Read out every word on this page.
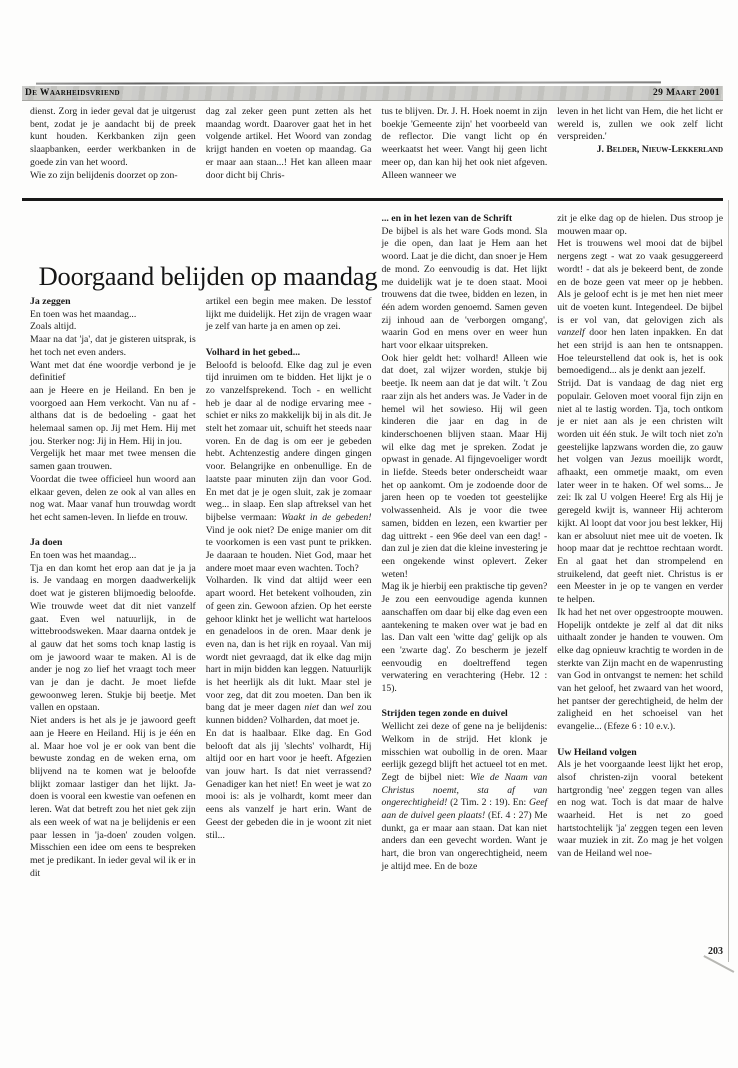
De Waarheidsvriend	29 Maart 2001

dienst. Zorg in ieder geval dat je uitgerust bent, zodat je je aandacht bij de preek kunt houden. Kerkbanken zijn geen slaapbanken, eerder werkbanken in de goede zin van het woord.

Wie zo zijn belijdenis doorzet op zon-

dag zal zeker geen punt zetten als het maandag wordt. Daarover gaat het in het volgende artikel. Het Woord van zondag krijgt handen en voeten op maandag. Ga er maar aan staan...! Het kan alleen maar door dicht bij Chris-

tus te blijven. Dr. J. H. Hoek noemt in zijn boekje 'Gemeente zijn' het voorbeeld van de reflector. Die vangt licht op én weerkaatst het weer. Vangt hij geen licht meer op, dan kan hij het ook niet afgeven. Alleen wanneer we

leven in het licht van Hem, die het licht er wereld is, zullen we ook zelf licht verspreiden.'

J. Belder, Nieuw-Lekkerland

Doorgaand belijden op maandag
Ja zeggen

En toen was het maandag...

Zoals altijd.

Maar na dat 'ja', dat je gisteren uitsprak, is het toch net even anders.

Want met dat éne woordje verbond je je definitief

aan je Heere en je Heiland. En ben je voorgoed aan Hem verkocht. Van nu af - althans dat is de bedoeling - gaat het helemaal samen op. Jij met Hem. Hij met jou. Sterker nog: Jij in Hem. Hij in jou.

Vergelijk het maar met twee mensen die samen gaan trouwen.

Voordat die twee officieel hun woord aan elkaar geven, delen ze ook al van alles en nog wat. Maar vanaf hun trouwdag wordt het echt samen-leven. In liefde en trouw.

Ja doen

En toen was het maandag...

Tja en dan komt het erop aan dat je ja ja is. Je vandaag en morgen daadwerkelijk doet wat je gisteren blijmoedig beloofde. Wie trouwde weet dat dit niet vanzelf gaat. Even wel natuurlijk, in de wittebroodsweken. Maar daarna ontdek je al gauw dat het soms toch knap lastig is om je jawoord waar te maken. Al is de ander je nog zo lief het vraagt toch meer van je dan je dacht. Je moet liefde gewoonweg leren. Stukje bij beetje. Met vallen en opstaan.

Niet anders is het als je je jawoord geeft aan je Heere en Heiland. Hij is je één en al. Maar hoe vol je er ook van bent die bewuste zondag en de weken erna, om blijvend na te komen wat je beloofde blijkt zomaar lastiger dan het lijkt. Ja-doen is vooral een kwestie van oefenen en leren. Wat dat betreft zou het niet gek zijn als een week of wat na je belijdenis er een paar lessen in 'ja-doen' zouden volgen. Misschien een idee om eens te bespreken met je predikant. In ieder geval wil ik er in dit

artikel een begin mee maken. De lesstof lijkt me duidelijk. Het zijn de vragen waar je zelf van harte ja en amen op zei.

Volhard in het gebed...

Beloofd is beloofd. Elke dag zul je even tijd inruimen om te bidden. Het lijkt je o zo vanzelfsprekend. Toch - en wellicht heb je daar al de nodige ervaring mee - schiet er niks zo makkelijk bij in als dit. Je stelt het zomaar uit, schuift het steeds naar voren. En de dag is om eer je gebeden hebt. Achtenzestig andere dingen gingen voor. Belangrijke en onbenullige. En de laatste paar minuten zijn dan voor God. En met dat je je ogen sluit, zak je zomaar weg... in slaap. Een slap aftreksel van het bijbelse vermaan: Waakt in de gebeden! Vind je ook niet? De enige manier om dit te voorkomen is een vast punt te prikken. Je daaraan te houden. Niet God, maar het andere moet maar even wachten. Toch?

Volharden. Ik vind dat altijd weer een apart woord. Het betekent volhouden, zin of geen zin. Gewoon afzien. Op het eerste gehoor klinkt het je wellicht wat harteloos en genadeloos in de oren. Maar denk je even na, dan is het rijk en royaal. Van mij wordt niet gevraagd, dat ik elke dag mijn hart in mijn bidden kan leggen. Natuurlijk is het heerlijk als dit lukt. Maar stel je voor zeg, dat dit zou moeten. Dan ben ik bang dat je meer dagen niet dan wel zou kunnen bidden? Volharden, dat moet je.

En dat is haalbaar. Elke dag. En God belooft dat als jij 'slechts' volhardt, Hij altijd oor en hart voor je heeft. Afgezien van jouw hart. Is dat niet verrassend? Genadiger kan het niet! En weet je wat zo mooi is: als je volhardt, komt meer dan eens als vanzelf je hart erin. Want de Geest der gebeden die in je woont zit niet stil...

... en in het lezen van de Schrift

De bijbel is als het ware Gods mond. Sla je die open, dan laat je Hem aan het woord. Laat je die dicht, dan snoer je Hem de mond. Zo eenvoudig is dat. Het lijkt me duidelijk wat je te doen staat. Mooi trouwens dat die twee, bidden en lezen, in één adem worden genoemd. Samen geven zij inhoud aan de 'verborgen omgang', waarin God en mens over en weer hun hart voor elkaar uitspreken.

Ook hier geldt het: volhard! Alleen wie dat doet, zal wijzer worden, stukje bij beetje. Ik neem aan dat je dat wilt. 't Zou raar zijn als het anders was. Je Vader in de hemel wil het sowieso. Hij wil geen kinderen die jaar en dag in de kinderschoenen blijven staan. Maar Hij wil elke dag met je spreken. Zodat je opwast in genade. Al fijngevoeliger wordt in liefde. Steeds beter onderscheidt waar het op aankomt. Om je zodoende door de jaren heen op te voeden tot geestelijke volwassenheid. Als je voor die twee samen, bidden en lezen, een kwartier per dag uittrekt - een 96e deel van een dag! - dan zul je zien dat die kleine investering je een ongekende winst oplevert. Zeker weten!

Mag ik je hierbij een praktische tip geven? Je zou een eenvoudige agenda kunnen aanschaffen om daar bij elke dag even een aantekening te maken over wat je bad en las. Dan valt een 'witte dag' gelijk op als een 'zwarte dag'. Zo bescherm je jezelf eenvoudig en doeltreffend tegen verwatering en verachtering (Hebr. 12 : 15).

Strijden tegen zonde en duivel

Wellicht zei deze of gene na je belijdenis: Welkom in de strijd. Het klonk je misschien wat oubollig in de oren. Maar eerlijk gezegd blijft het actueel tot en met. Zegt de bijbel niet: Wie de Naam van Christus noemt, sta af van ongerechtigheid! (2 Tim. 2 : 19). En: Geef aan de duivel geen plaats! (Ef. 4 : 27) Me dunkt, ga er maar aan staan. Dat kan niet anders dan een gevecht worden. Want je hart, die bron van ongerechtigheid, neem je altijd mee. En de boze

zit je elke dag op de hielen. Dus stroop je mouwen maar op.

Het is trouwens wel mooi dat de bijbel nergens zegt - wat zo vaak gesuggereerd wordt! - dat als je bekeerd bent, de zonde en de boze geen vat meer op je hebben. Als je geloof echt is je met hen niet meer uit de voeten kunt. Integendeel. De bijbel is er vol van, dat gelovigen zich als vanzelf door hen laten inpakken. En dat het een strijd is aan hen te ontsnappen. Hoe teleurstellend dat ook is, het is ook bemoedigend... als je denkt aan jezelf.

Strijd. Dat is vandaag de dag niet erg populair. Geloven moet vooral fijn zijn en niet al te lastig worden. Tja, toch ontkom je er niet aan als je een christen wilt worden uit één stuk. Je wilt toch niet zo'n geestelijke lapzwans worden die, zo gauw het volgen van Jezus moeilijk wordt, afhaakt, een ommetje maakt, om even later weer in te haken. Of wel soms... Je zei: Ik zal U volgen Heere! Erg als Hij je geregeld kwijt is, wanneer Hij achterom kijkt. Al loopt dat voor jou best lekker, Hij kan er absoluut niet mee uit de voeten. Ik hoop maar dat je rechttoe rechtaan wordt. En al gaat het dan strompelend en struikelend, dat geeft niet. Christus is er een Meester in je op te vangen en verder te helpen.

Ik had het net over opgestroopte mouwen. Hopelijk ontdekte je zelf al dat dit niks uithaalt zonder je handen te vouwen. Om elke dag opnieuw krachtig te worden in de sterkte van Zijn macht en de wapenrusting van God in ontvangst te nemen: het schild van het geloof, het zwaard van het woord, het pantser der gerechtigheid, de helm der zaligheid en het schoeisel van het evangelie... (Efeze 6 : 10 e.v.).

Uw Heiland volgen

Als je het voorgaande leest lijkt het erop, alsof christen-zijn vooral betekent hartgrondig 'nee' zeggen tegen van alles en nog wat. Toch is dat maar de halve waarheid. Het is net zo goed hartstochtelijk 'ja' zeggen tegen een leven waar muziek in zit. Zo mag je het volgen van de Heiland wel noe-

203
